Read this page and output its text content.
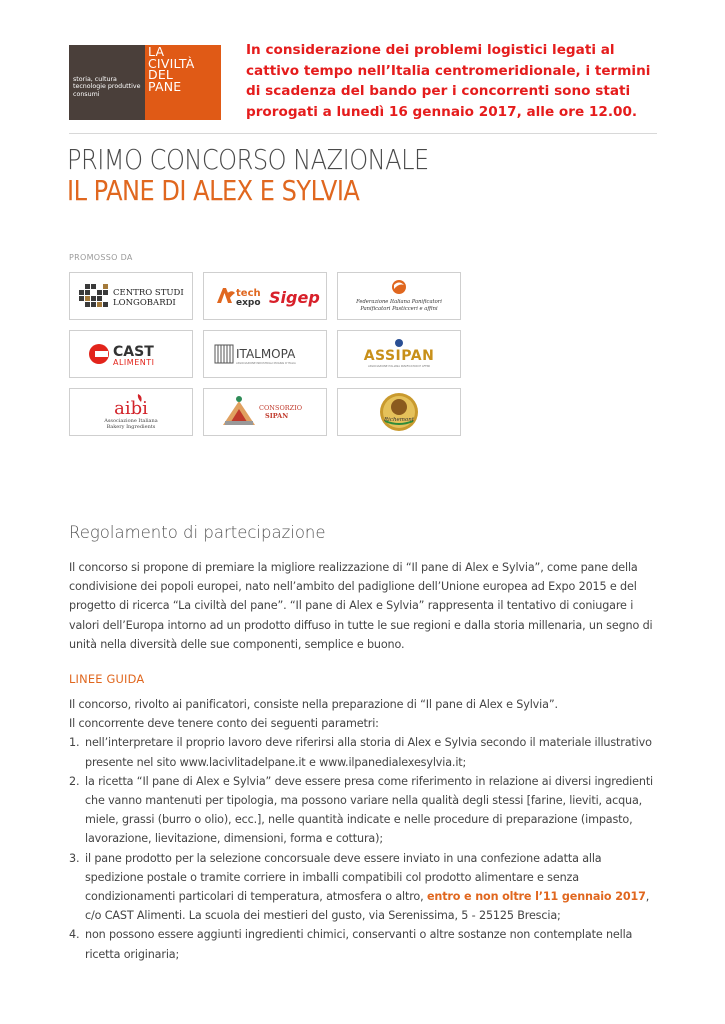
storia, cultura
tecnologie produttive
consumi
LA
CIVILTÀ
DEL
PANE
In considerazione dei problemi logistici legati al cattivo tempo nell’Italia centromeridionale, i termini di scadenza del bando per i concorrenti sono stati prorogati a lunedì 16 gennaio 2017, alle ore 12.00.
PRIMO CONCORSO NAZIONALE
IL PANE DI ALEX E SYLVIA
PROMOSSO DA
CENTRO STUDI
LONGOBARDI
tech
expo Sigep	Federazione Italiana Panificatori
Panificatori Pasticceri e affini
CAST
ALIMENTI
ITALMOPA
ASSOCIAZIONE INDUSTRIALI MUGNAI D'ITALIA	ASSIPAN
ASSOCIAZIONE ITALIANA PANIFICATORI E AFFINI
aibi
Associazione Italiana
Bakery Ingredients
CONSORZIO
SIPAN	Richemont
Regolamento di partecipazione
Il concorso si propone di premiare la migliore realizzazione di “Il pane di Alex e Sylvia”, come pane della condivisione dei popoli europei, nato nell’ambito del padiglione dell’Unione europea ad Expo 2015 e del progetto di ricerca “La civiltà del pane”. “Il pane di Alex e Sylvia” rappresenta il tentativo di coniugare i valori dell’Europa intorno ad un prodotto diffuso in tutte le sue regioni e dalla storia millenaria, un segno di unità nella diversità delle sue componenti, semplice e buono.
LINEE GUIDA
Il concorso, rivolto ai panificatori, consiste nella preparazione di “Il pane di Alex e Sylvia”.
Il concorrente deve tenere conto dei seguenti parametri:
1. nell’interpretare il proprio lavoro deve riferirsi alla storia di Alex e Sylvia secondo il materiale illustrativo presente nel sito www.lacivlitadelpane.it e www.ilpanedialexesylvia.it;
2. la ricetta “Il pane di Alex e Sylvia” deve essere presa come riferimento in relazione ai diversi ingredienti che vanno mantenuti per tipologia, ma possono variare nella qualità degli stessi [farine, lieviti, acqua, miele, grassi (burro o olio), ecc.], nelle quantità indicate e nelle procedure di preparazione (impasto, lavorazione, lievitazione, dimensioni, forma e cottura);
3. il pane prodotto per la selezione concorsuale deve essere inviato in una confezione adatta alla spedizione postale o tramite corriere in imballi compatibili col prodotto alimentare e senza condizionamenti particolari di temperatura, atmosfera o altro, entro e non oltre l’11 gennaio 2017, c/o CAST Alimenti. La scuola dei mestieri del gusto, via Serenissima, 5 - 25125 Brescia;
4. non possono essere aggiunti ingredienti chimici, conservanti o altre sostanze non contemplate nella ricetta originaria;
